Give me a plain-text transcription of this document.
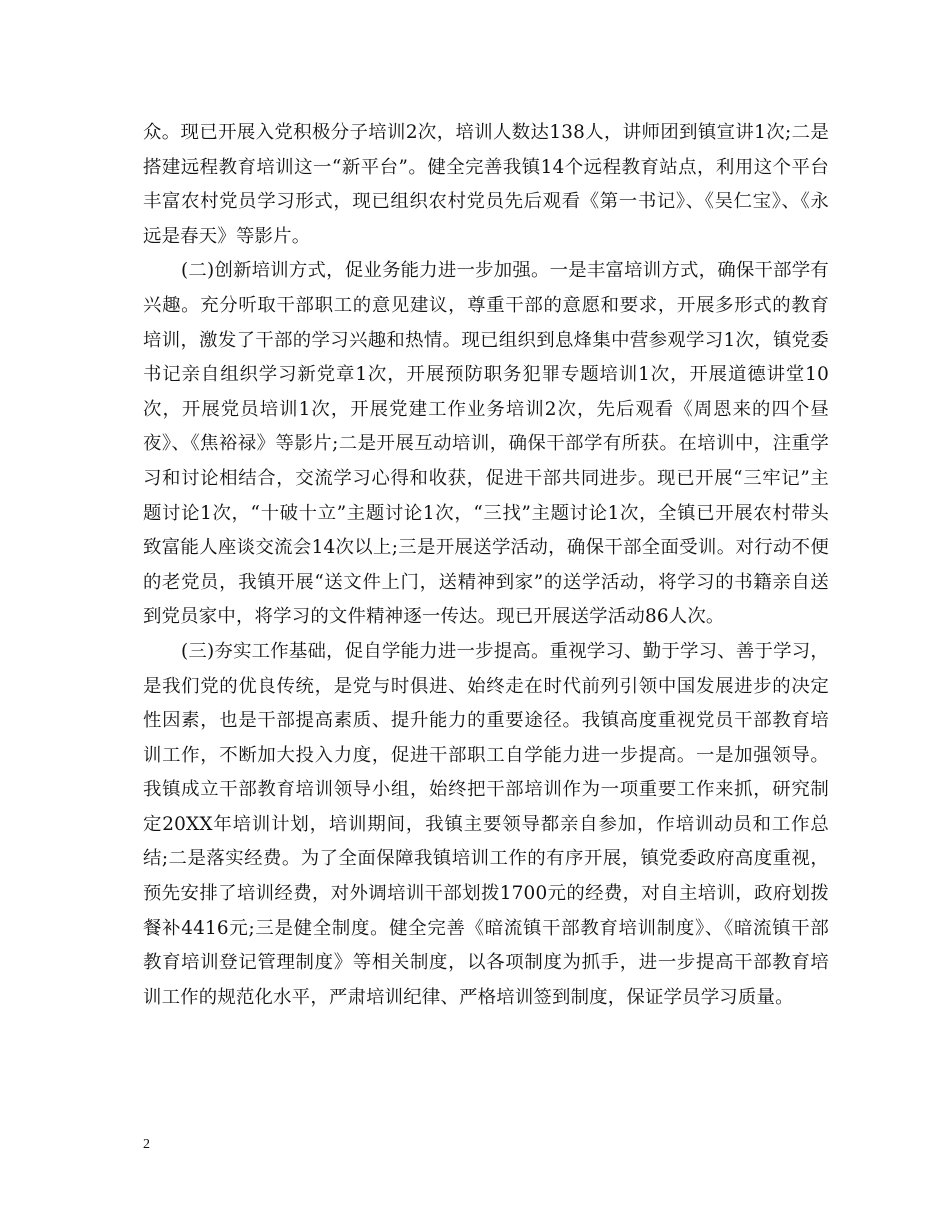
众。现已开展入党积极分子培训2次，培训人数达138人，讲师团到镇宣讲1次;二是搭建远程教育培训这一“新平台”。健全完善我镇14个远程教育站点，利用这个平台丰富农村党员学习形式，现已组织农村党员先后观看《第一书记》、《吴仁宝》、《永远是春天》等影片。

(二)创新培训方式，促业务能力进一步加强。一是丰富培训方式，确保干部学有兴趣。充分听取干部职工的意见建议，尊重干部的意愿和要求，开展多形式的教育培训，激发了干部的学习兴趣和热情。现已组织到息烽集中营参观学习1次，镇党委书记亲自组织学习新党章1次，开展预防职务犯罪专题培训1次，开展道德讲堂10次，开展党员培训1次，开展党建工作业务培训2次，先后观看《周恩来的四个昼夜》、《焦裕禄》等影片;二是开展互动培训，确保干部学有所获。在培训中，注重学习和讨论相结合，交流学习心得和收获，促进干部共同进步。现已开展“三牢记”主题讨论1次，“十破十立”主题讨论1次，“三找”主题讨论1次，全镇已开展农村带头致富能人座谈交流会14次以上;三是开展送学活动，确保干部全面受训。对行动不便的老党员，我镇开展“送文件上门，送精神到家”的送学活动，将学习的书籍亲自送到党员家中，将学习的文件精神逐一传达。现已开展送学活动86人次。

(三)夯实工作基础，促自学能力进一步提高。重视学习、勤于学习、善于学习，是我们党的优良传统，是党与时俱进、始终走在时代前列引领中国发展进步的决定性因素，也是干部提高素质、提升能力的重要途径。我镇高度重视党员干部教育培训工作，不断加大投入力度，促进干部职工自学能力进一步提高。一是加强领导。我镇成立干部教育培训领导小组，始终把干部培训作为一项重要工作来抓，研究制定20XX年培训计划，培训期间，我镇主要领导都亲自参加，作培训动员和工作总结;二是落实经费。为了全面保障我镇培训工作的有序开展，镇党委政府高度重视，预先安排了培训经费，对外调培训干部划拨1700元的经费，对自主培训，政府划拨餐补4416元;三是健全制度。健全完善《暗流镇干部教育培训制度》、《暗流镇干部教育培训登记管理制度》等相关制度，以各项制度为抓手，进一步提高干部教育培训工作的规范化水平，严肃培训纪律、严格培训签到制度，保证学员学习质量。

2
